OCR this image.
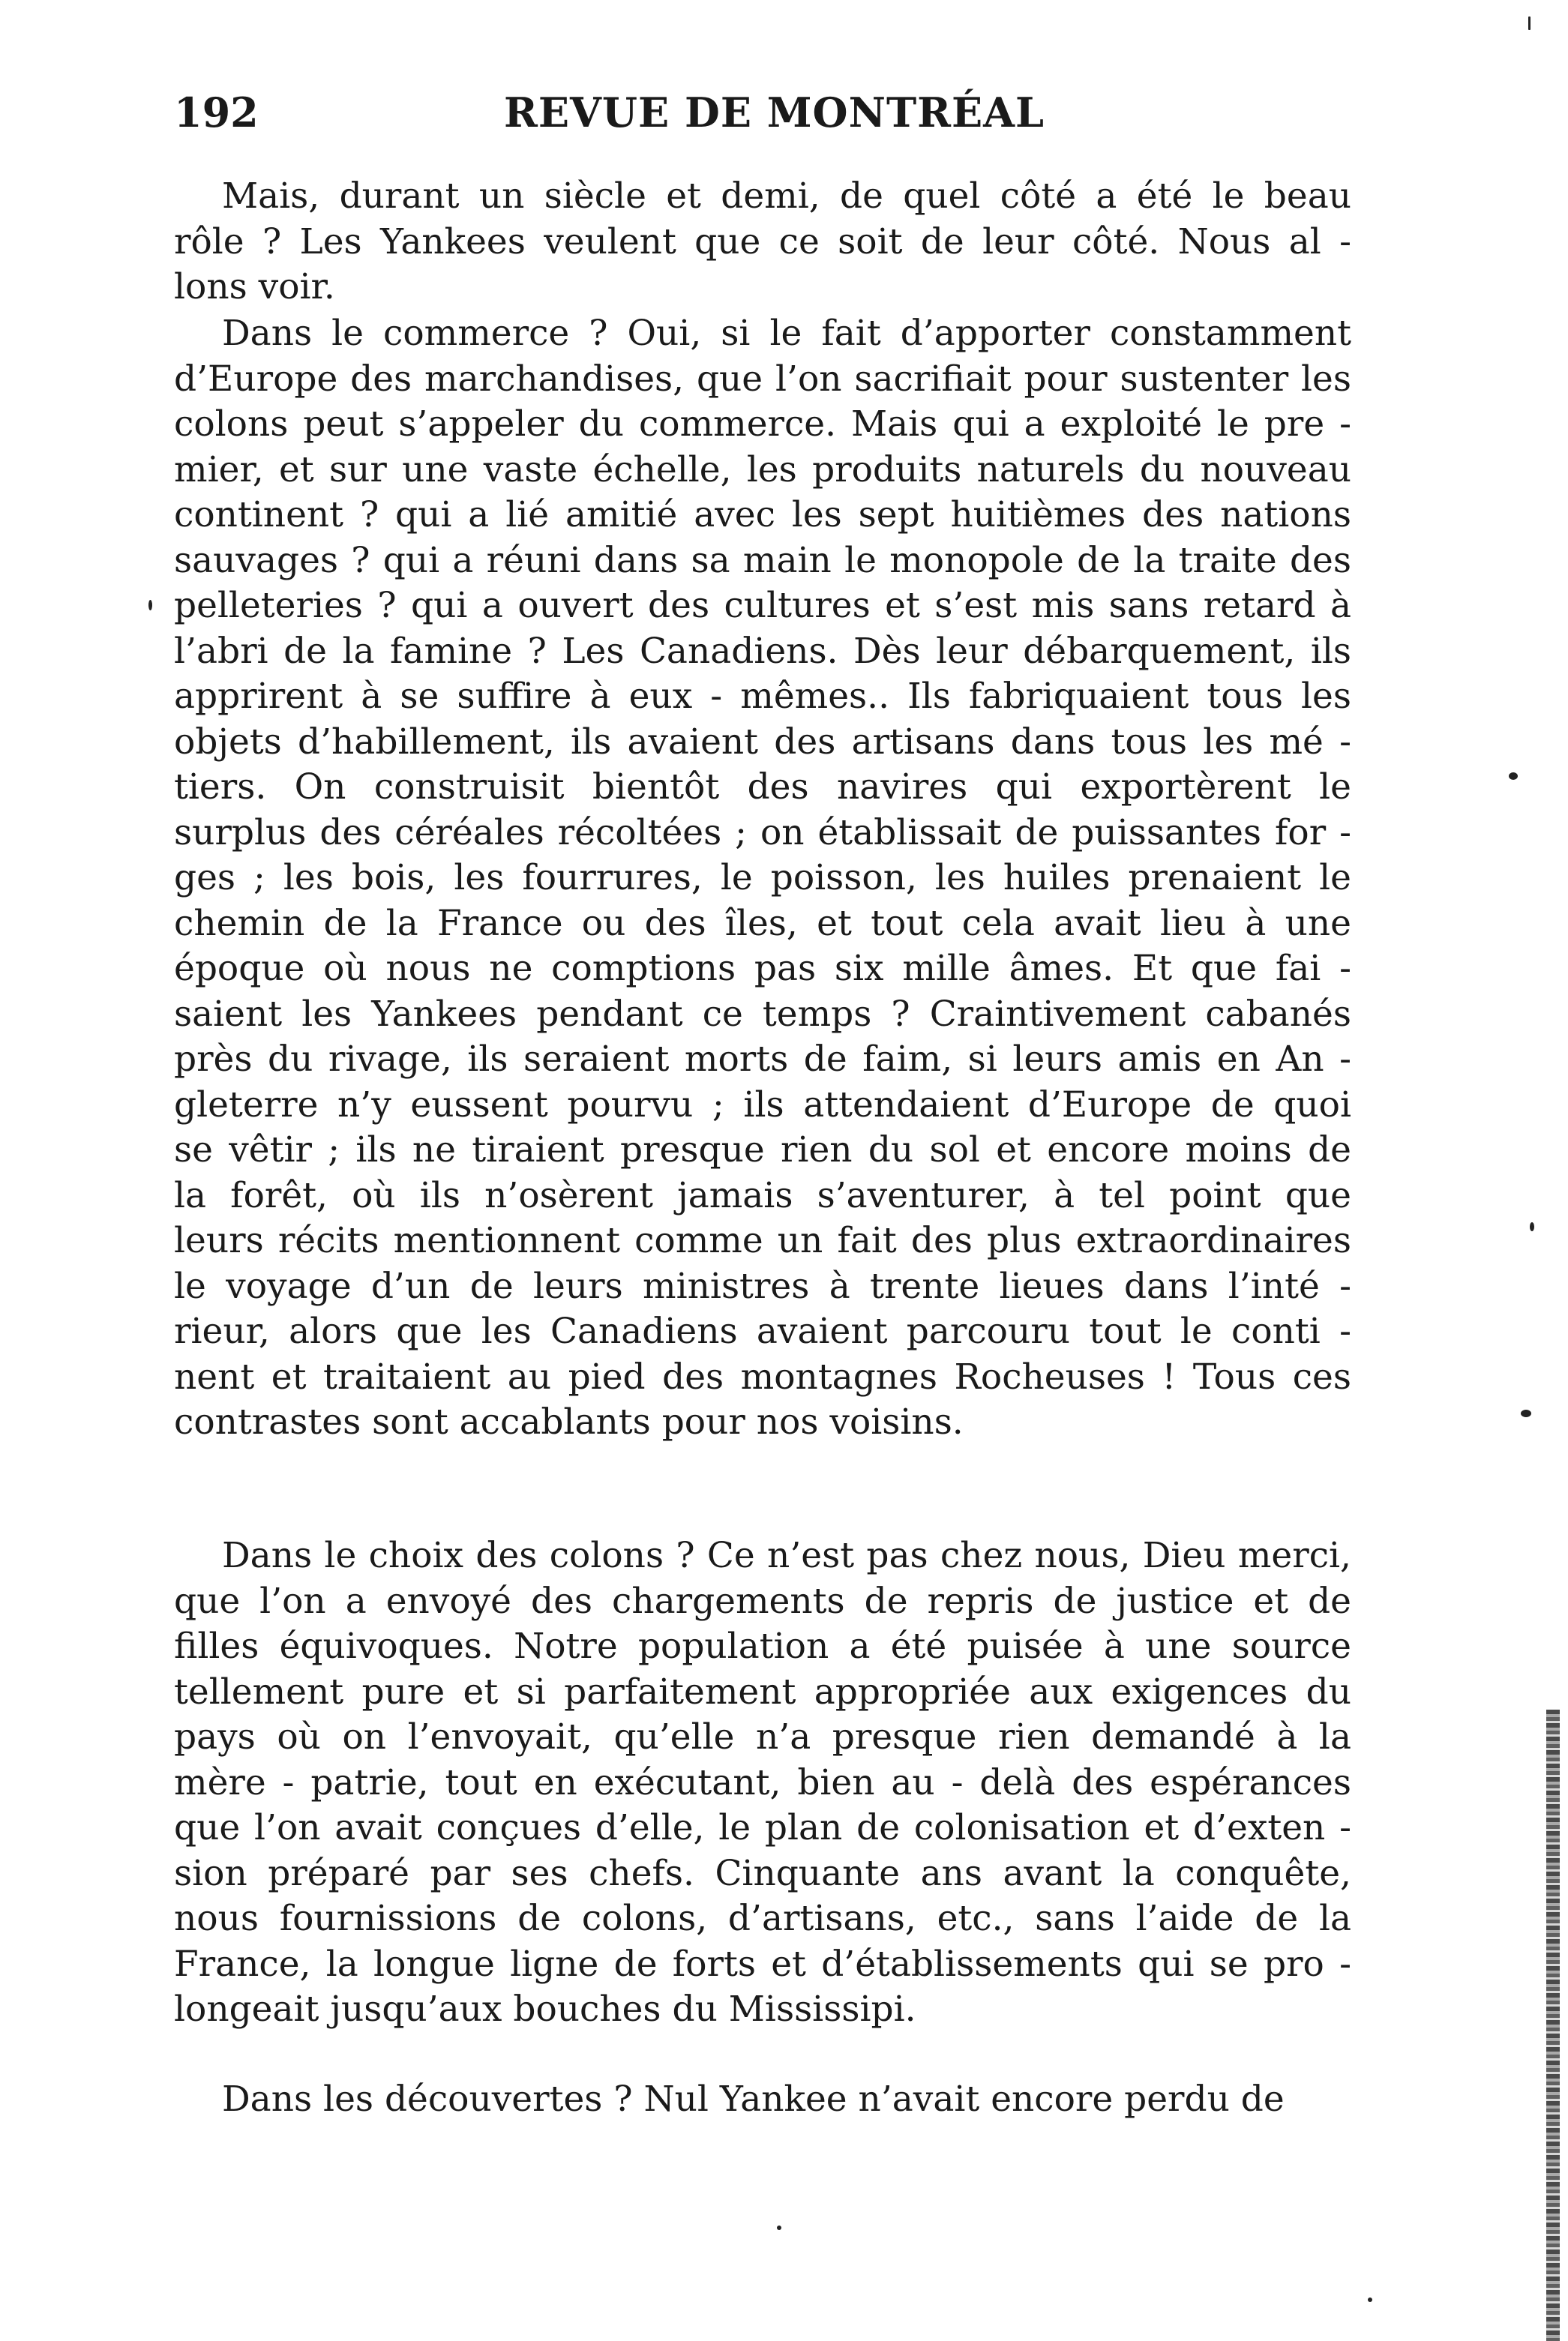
192	REVUE DE MONTRÉAL
Mais, durant un siècle et demi, de quel côté a été le beau
rôle ? Les Yankees veulent que ce soit de leur côté. Nous al -
lons voir.
Dans le commerce ? Oui, si le fait d’apporter constamment
d’Europe des marchandises, que l’on sacrifiait pour sustenter les
colons peut s’appeler du commerce. Mais qui a exploité le pre -
mier, et sur une vaste échelle, les produits naturels du nouveau
continent ? qui a lié amitié avec les sept huitièmes des nations
sauvages ? qui a réuni dans sa main le monopole de la traite des
pelleteries ? qui a ouvert des cultures et s’est mis sans retard à
l’abri de la famine ? Les Canadiens. Dès leur débarquement, ils
apprirent à se suffire à eux - mêmes.. Ils fabriquaient tous les
objets d’habillement, ils avaient des artisans dans tous les mé -
tiers. On construisit bientôt des navires qui exportèrent le
surplus des céréales récoltées ; on établissait de puissantes for -
ges ; les bois, les fourrures, le poisson, les huiles prenaient le
chemin de la France ou des îles, et tout cela avait lieu à une
époque où nous ne comptions pas six mille âmes. Et que fai -
saient les Yankees pendant ce temps ? Craintivement cabanés
près du rivage, ils seraient morts de faim, si leurs amis en An -
gleterre n’y eussent pourvu ; ils attendaient d’Europe de quoi
se vêtir ; ils ne tiraient presque rien du sol et encore moins de
la forêt, où ils n’osèrent jamais s’aventurer, à tel point que
leurs récits mentionnent comme un fait des plus extraordinaires
le voyage d’un de leurs ministres à trente lieues dans l’inté -
rieur, alors que les Canadiens avaient parcouru tout le conti -
nent et traitaient au pied des montagnes Rocheuses ! Tous ces
contrastes sont accablants pour nos voisins.
Dans le choix des colons ? Ce n’est pas chez nous, Dieu merci,
que l’on a envoyé des chargements de repris de justice et de
filles équivoques. Notre population a été puisée à une source
tellement pure et si parfaitement appropriée aux exigences du
pays où on l’envoyait, qu’elle n’a presque rien demandé à la
mère - patrie, tout en exécutant, bien au - delà des espérances
que l’on avait conçues d’elle, le plan de colonisation et d’exten -
sion préparé par ses chefs. Cinquante ans avant la conquête,
nous fournissions de colons, d’artisans, etc., sans l’aide de la
France, la longue ligne de forts et d’établissements qui se pro -
longeait jusqu’aux bouches du Mississipi.
Dans les découvertes ? Nul Yankee n’avait encore perdu de
